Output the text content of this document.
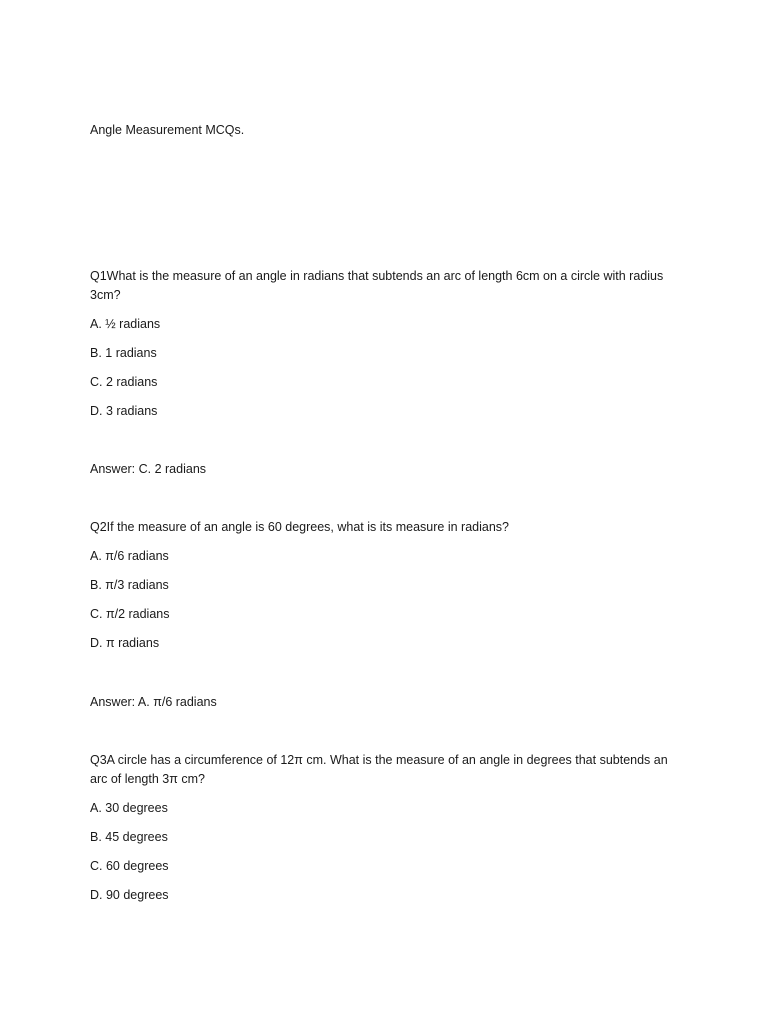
Angle Measurement MCQs.
Q1What is the measure of an angle in radians that subtends an arc of length 6cm on a circle with radius 3cm?
A. ½ radians
B. 1 radians
C. 2 radians
D. 3 radians
Answer: C. 2 radians
Q2If the measure of an angle is 60 degrees, what is its measure in radians?
A. π/6 radians
B. π/3 radians
C. π/2 radians
D. π radians
Answer: A. π/6 radians
Q3A circle has a circumference of 12π cm. What is the measure of an angle in degrees that subtends an arc of length 3π cm?
A. 30 degrees
B. 45 degrees
C. 60 degrees
D. 90 degrees
